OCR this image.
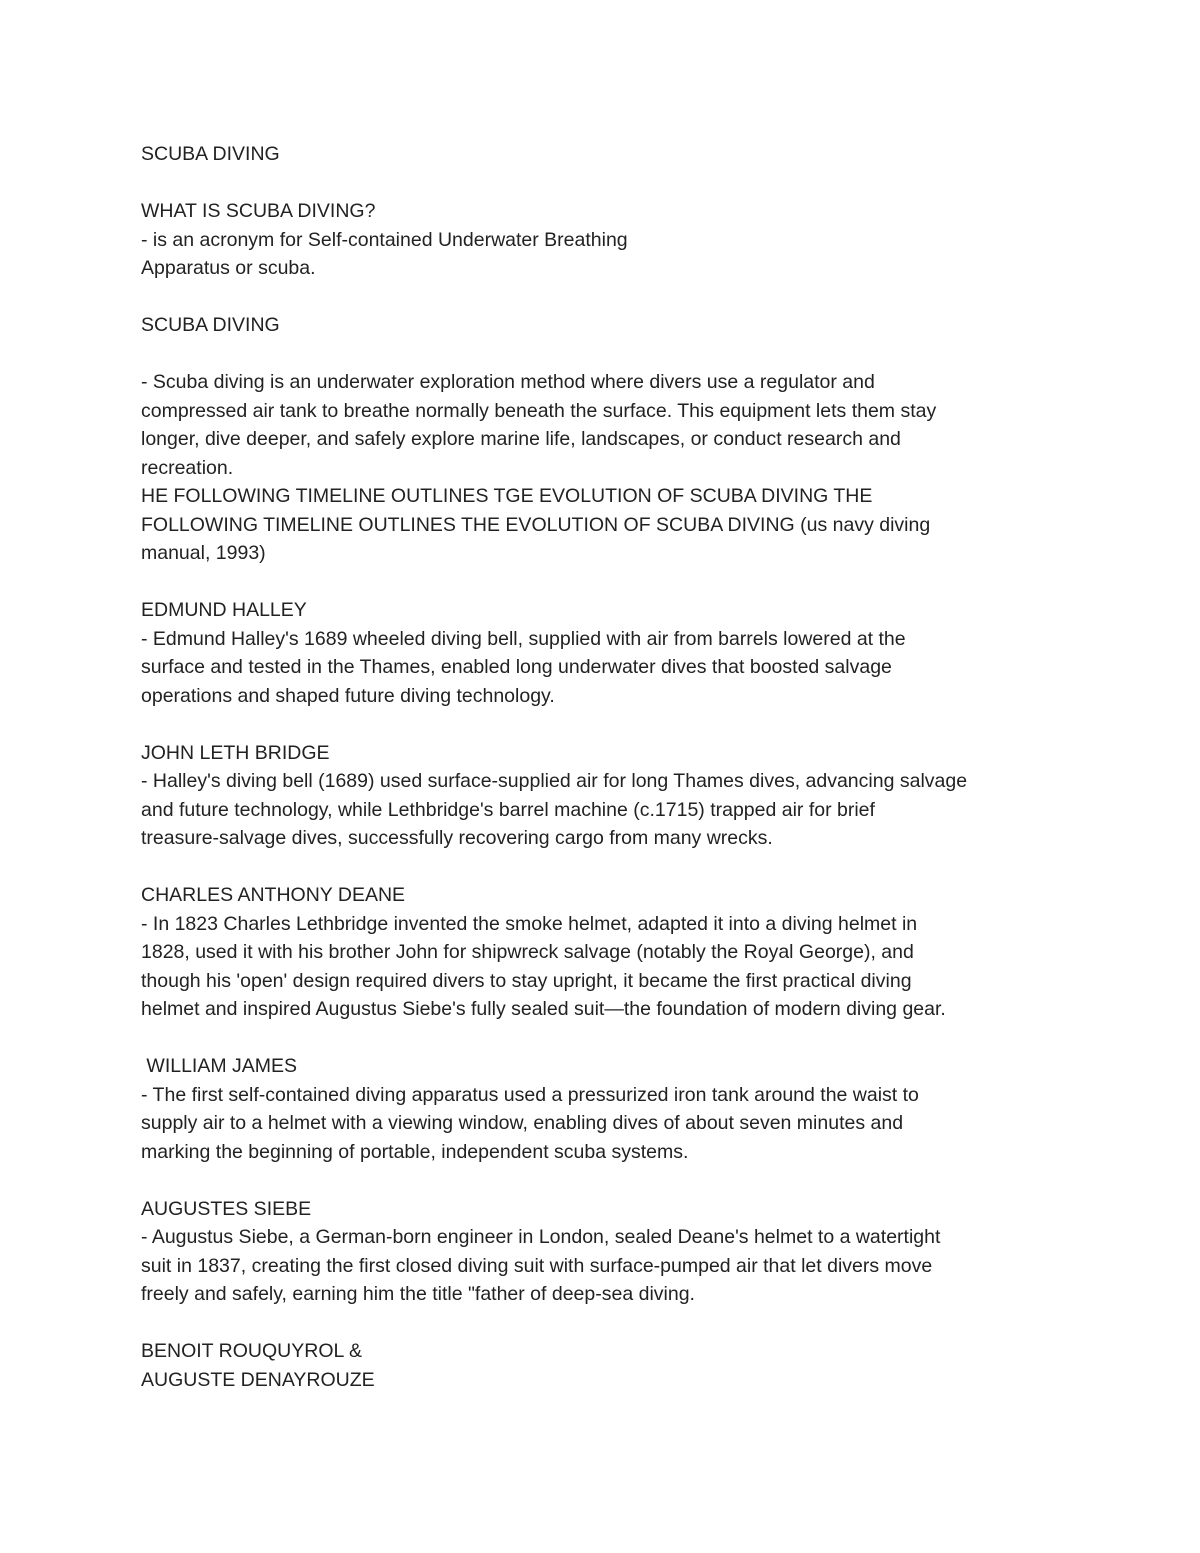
SCUBA DIVING
WHAT IS SCUBA DIVING?
- is an acronym for Self-contained Underwater Breathing
Apparatus or scuba.
SCUBA DIVING
- Scuba diving is an underwater exploration method where divers use a regulator and
compressed air tank to breathe normally beneath the surface. This equipment lets them stay
longer, dive deeper, and safely explore marine life, landscapes, or conduct research and
recreation.
HE FOLLOWING TIMELINE OUTLINES TGE EVOLUTION OF SCUBA DIVING THE
FOLLOWING TIMELINE OUTLINES THE EVOLUTION OF SCUBA DIVING (us navy diving
manual, 1993)
EDMUND HALLEY
- Edmund Halley's 1689 wheeled diving bell, supplied with air from barrels lowered at the
surface and tested in the Thames, enabled long underwater dives that boosted salvage
operations and shaped future diving technology.
JOHN LETH BRIDGE
- Halley's diving bell (1689) used surface-supplied air for long Thames dives, advancing salvage
and future technology, while Lethbridge's barrel machine (c.1715) trapped air for brief
treasure-salvage dives, successfully recovering cargo from many wrecks.
CHARLES ANTHONY DEANE
- In 1823 Charles Lethbridge invented the smoke helmet, adapted it into a diving helmet in
1828, used it with his brother John for shipwreck salvage (notably the Royal George), and
though his 'open' design required divers to stay upright, it became the first practical diving
helmet and inspired Augustus Siebe's fully sealed suit—the foundation of modern diving gear.
WILLIAM JAMES
- The first self-contained diving apparatus used a pressurized iron tank around the waist to
supply air to a helmet with a viewing window, enabling dives of about seven minutes and
marking the beginning of portable, independent scuba systems.
AUGUSTES SIEBE
- Augustus Siebe, a German-born engineer in London, sealed Deane's helmet to a watertight
suit in 1837, creating the first closed diving suit with surface-pumped air that let divers move
freely and safely, earning him the title "father of deep-sea diving.
BENOIT ROUQUYROL &
AUGUSTE DENAYROUZE
